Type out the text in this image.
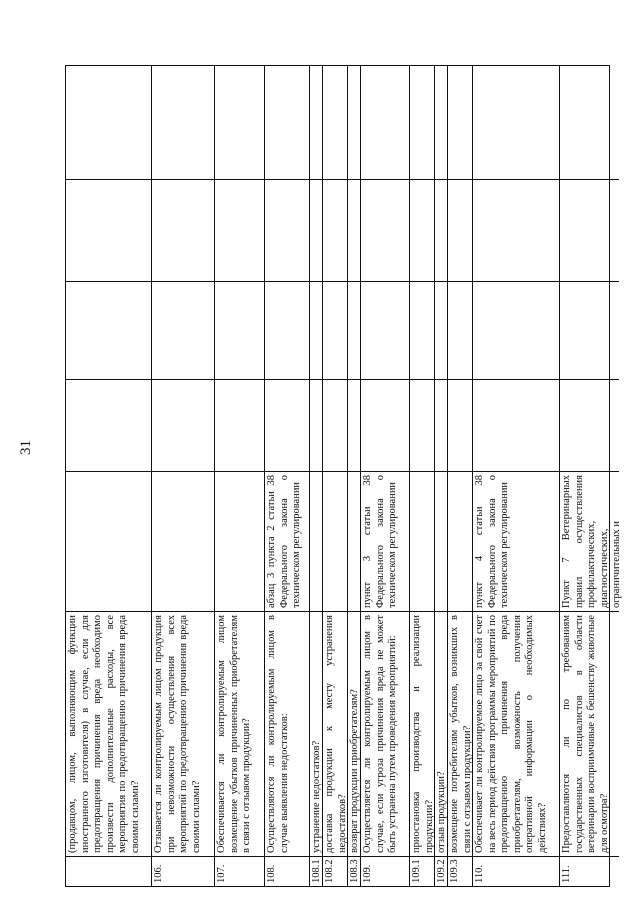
31
(продавцом, лицом, выполняющим функции иностранного изготовителя) в случае, если для предотвращения причинения вреда необходимо произвести дополнительные расходы, все мероприятия по предотвращению причинения вреда своими силами?
106.
Отзывается ли контролируемым лицом продукция при невозможности осуществления всех мероприятий по предотвращению причинения вреда своими силами?
107.
Обеспечивается ли контролируемым лицом возмещение убытков причиненных приобретателям в связи с отзывом продукции?
108.
Осуществляются ли контролируемым лицом в случае выявления недостатков:
абзац 3 пункта 2 статьи 38 Федерального закона о техническом регулировании
108.1
устранение недостатков?
108.2
доставка продукции к месту устранения недостатков?
108.3
возврат продукции приобретателям?
109.
Осуществляется ли контролируемым лицом в случае, если угроза причинения вреда не может быть устранена путем проведения мероприятий:
пункт 3 статьи 38 Федерального закона о техническом регулировании
109.1
приостановка производства и реализации продукции?
109.2
отзыв продукции?
109.3
возмещение потребителям убытков, возникших в связи с отзывом продукции?
110.
Обеспечивает ли контролируемое лицо за свой счет на весь период действия программы мероприятий по предотвращению причинения вреда приобретателям, возможность получения оперативной информации о необходимых действиях?
пункт 4 статьи 38 Федерального закона о техническом регулировании
111.
Предоставляются ли по требованиям государственных специалистов в области ветеринарии восприимчивые к бешенству животные для осмотра?
Пункт 7 Ветеринарных правил осуществления профилактических, диагностических, ограничительных и
